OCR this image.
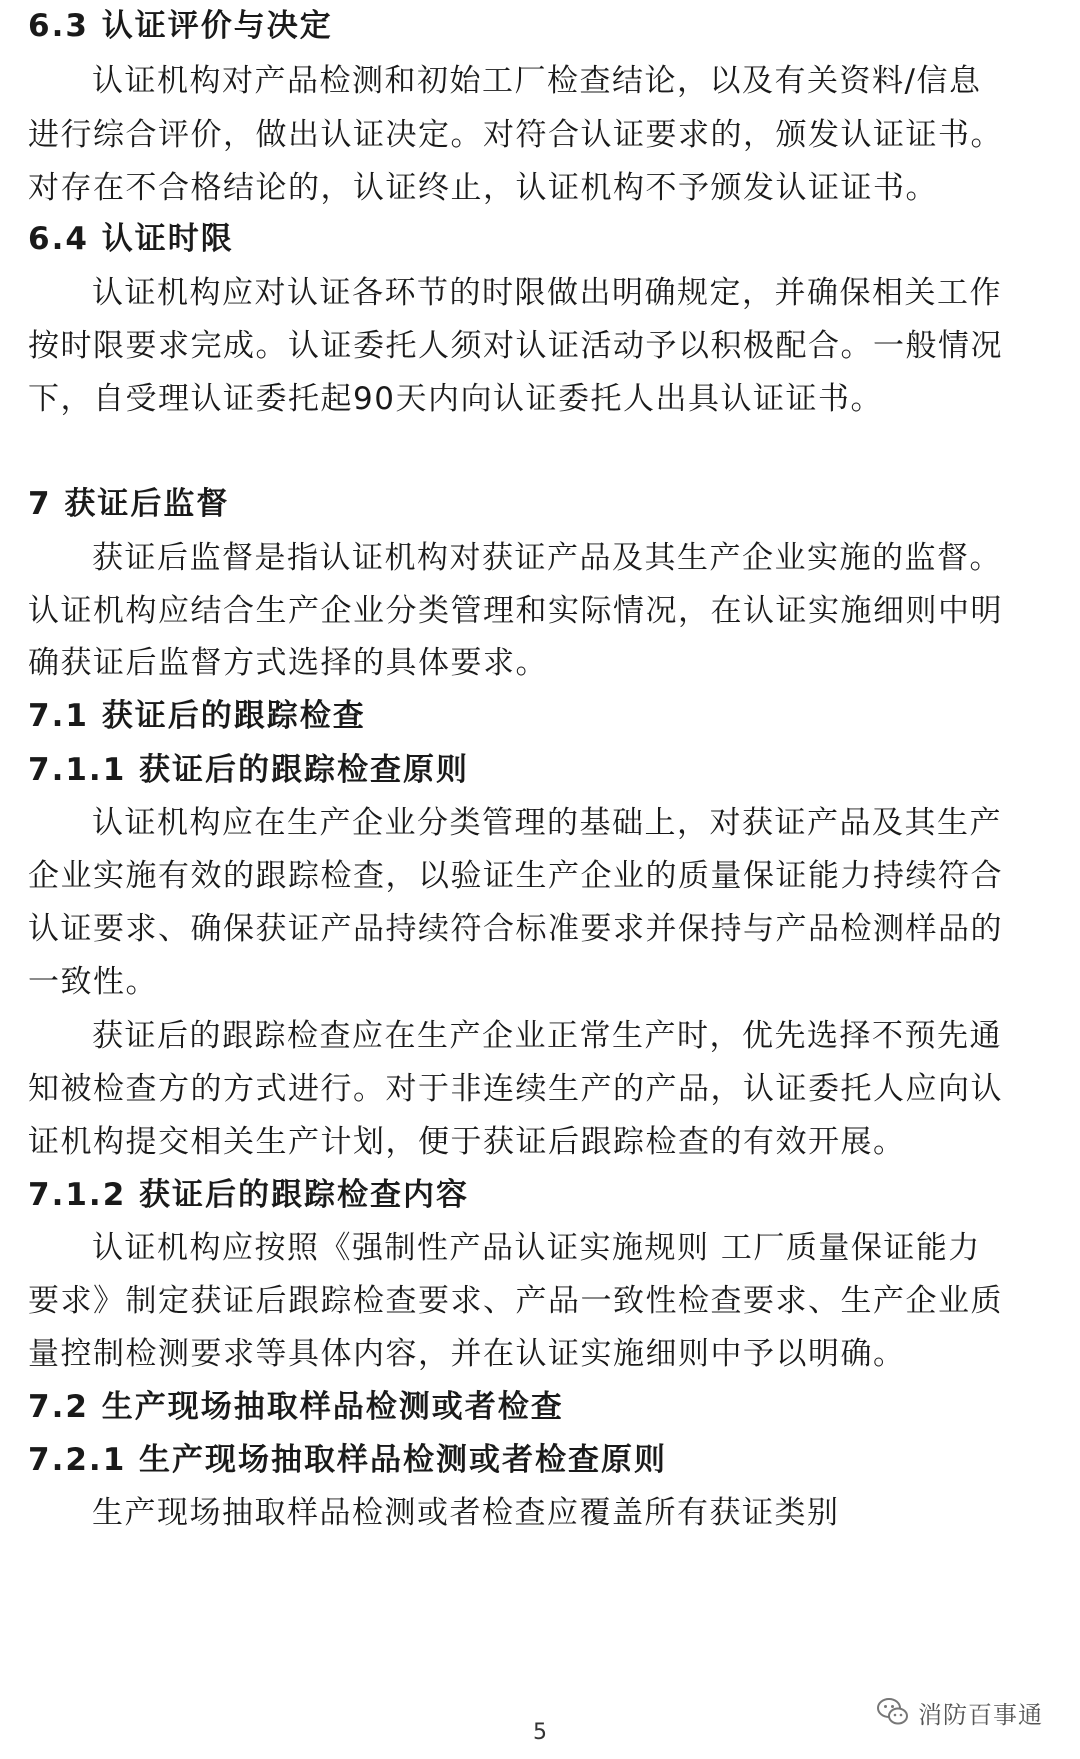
6.3 认证评价与决定
认证机构对产品检测和初始工厂检查结论，以及有关资料/信息
进行综合评价，做出认证决定。对符合认证要求的，颁发认证证书。
对存在不合格结论的，认证终止，认证机构不予颁发认证证书。
6.4 认证时限
认证机构应对认证各环节的时限做出明确规定，并确保相关工作
按时限要求完成。认证委托人须对认证活动予以积极配合。一般情况
下，自受理认证委托起90天内向认证委托人出具认证证书。
7 获证后监督
获证后监督是指认证机构对获证产品及其生产企业实施的监督。
认证机构应结合生产企业分类管理和实际情况，在认证实施细则中明
确获证后监督方式选择的具体要求。
7.1 获证后的跟踪检查
7.1.1 获证后的跟踪检查原则
认证机构应在生产企业分类管理的基础上，对获证产品及其生产
企业实施有效的跟踪检查，以验证生产企业的质量保证能力持续符合
认证要求、确保获证产品持续符合标准要求并保持与产品检测样品的
一致性。
获证后的跟踪检查应在生产企业正常生产时，优先选择不预先通
知被检查方的方式进行。对于非连续生产的产品，认证委托人应向认
证机构提交相关生产计划，便于获证后跟踪检查的有效开展。
7.1.2 获证后的跟踪检查内容
认证机构应按照《强制性产品认证实施规则 工厂质量保证能力
要求》制定获证后跟踪检查要求、产品一致性检查要求、生产企业质
量控制检测要求等具体内容，并在认证实施细则中予以明确。
7.2 生产现场抽取样品检测或者检查
7.2.1 生产现场抽取样品检测或者检查原则
生产现场抽取样品检测或者检查应覆盖所有获证类别
消防百事通
5
